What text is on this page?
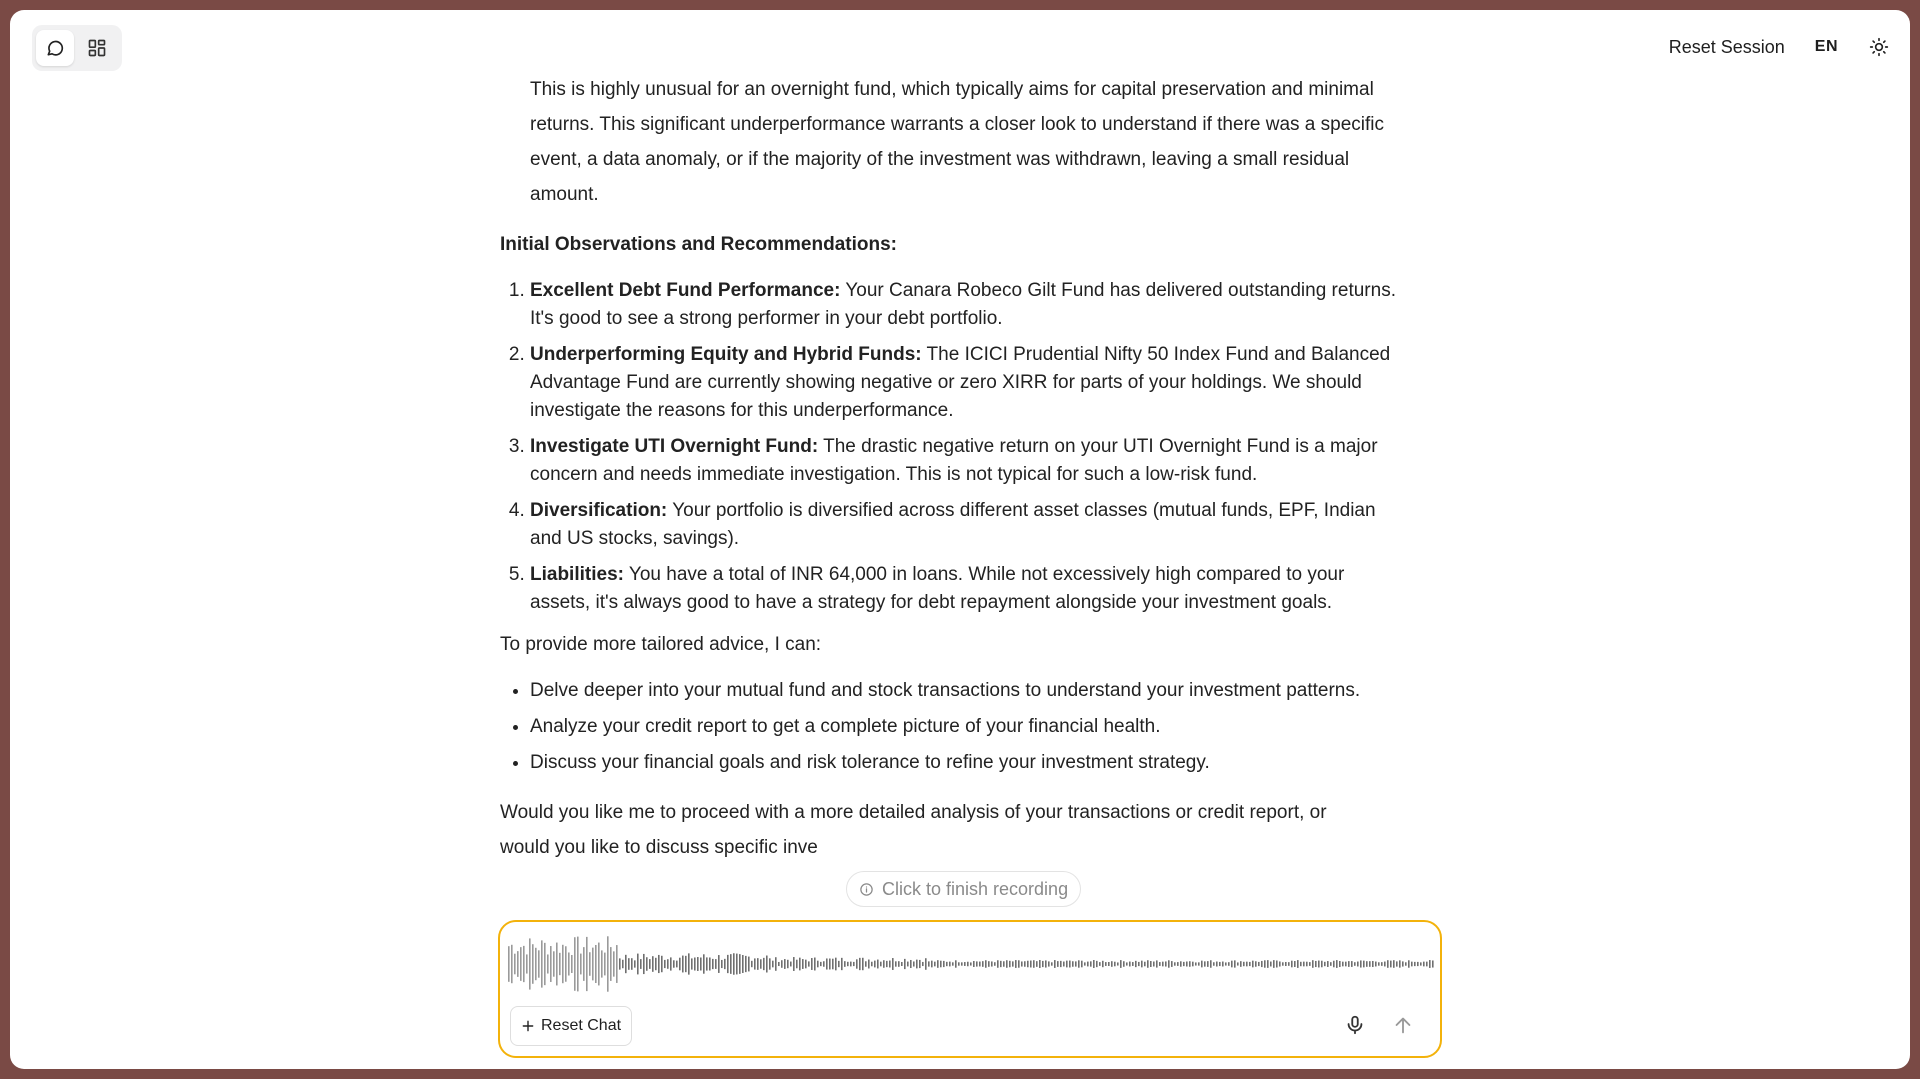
Reset Session EN

This is highly unusual for an overnight fund, which typically aims for capital preservation and minimal returns. This significant underperformance warrants a closer look to understand if there was a specific event, a data anomaly, or if the majority of the investment was withdrawn, leaving a small residual amount.

Initial Observations and Recommendations:
1. Excellent Debt Fund Performance: Your Canara Robeco Gilt Fund has delivered outstanding returns. It's good to see a strong performer in your debt portfolio.
2. Underperforming Equity and Hybrid Funds: The ICICI Prudential Nifty 50 Index Fund and Balanced Advantage Fund are currently showing negative or zero XIRR for parts of your holdings. We should investigate the reasons for this underperformance.
3. Investigate UTI Overnight Fund: The drastic negative return on your UTI Overnight Fund is a major concern and needs immediate investigation. This is not typical for such a low-risk fund.
4. Diversification: Your portfolio is diversified across different asset classes (mutual funds, EPF, Indian and US stocks, savings).
5. Liabilities: You have a total of INR 64,000 in loans. While not excessively high compared to your assets, it's always good to have a strategy for debt repayment alongside your investment goals.

To provide more tailored advice, I can:

• Delve deeper into your mutual fund and stock transactions to understand your investment patterns.
• Analyze your credit report to get a complete picture of your financial health.
• Discuss your financial goals and risk tolerance to refine your investment strategy.

Would you like me to proceed with a more detailed analysis of your transactions or credit report, or
would you like to discuss specific inve

Click to finish recording
Reset Chat
